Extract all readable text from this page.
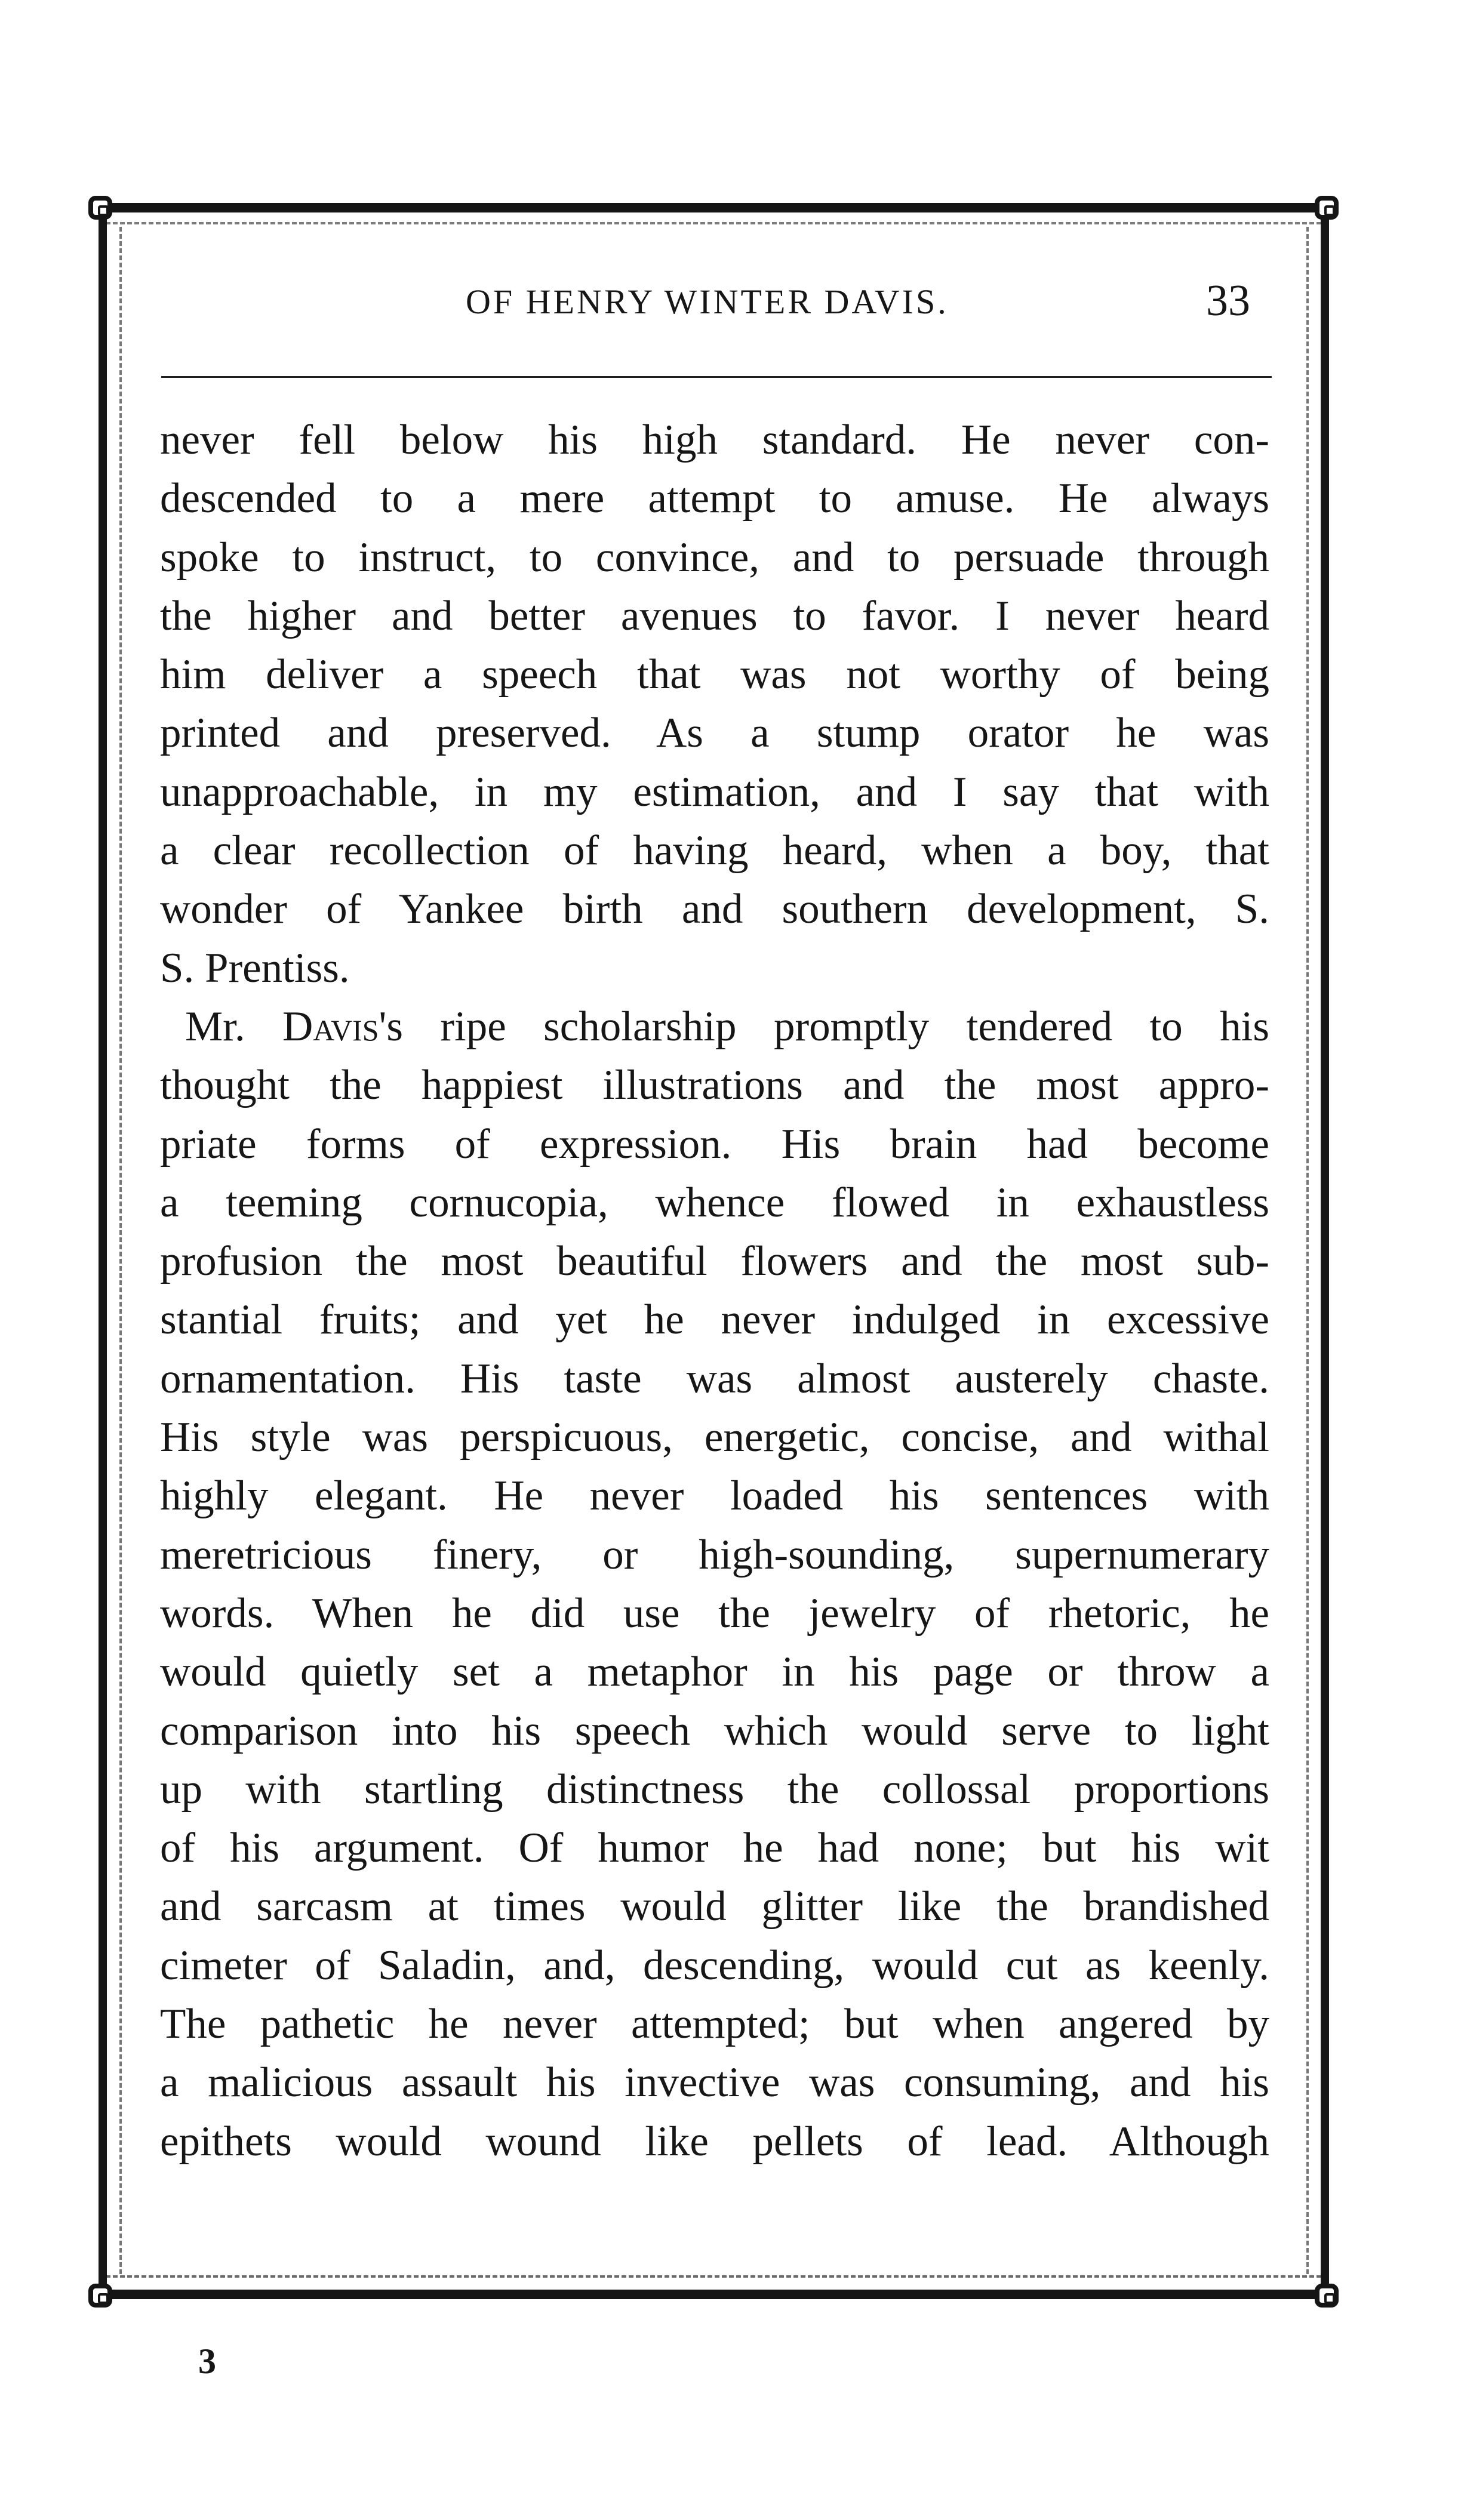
OF HENRY WINTER DAVIS.	33
never fell below his high standard. He never con-
descended to a mere attempt to amuse. He always
spoke to instruct, to convince, and to persuade through
the higher and better avenues to favor. I never heard
him deliver a speech that was not worthy of being
printed and preserved. As a stump orator he was
unapproachable, in my estimation, and I say that with
a clear recollection of having heard, when a boy, that
wonder of Yankee birth and southern development, S.
S. Prentiss.
Mr. Davis's ripe scholarship promptly tendered to his
thought the happiest illustrations and the most appro-
priate forms of expression. His brain had become
a teeming cornucopia, whence flowed in exhaustless
profusion the most beautiful flowers and the most sub-
stantial fruits; and yet he never indulged in excessive
ornamentation. His taste was almost austerely chaste.
His style was perspicuous, energetic, concise, and withal
highly elegant. He never loaded his sentences with
meretricious finery, or high-sounding, supernumerary
words. When he did use the jewelry of rhetoric, he
would quietly set a metaphor in his page or throw a
comparison into his speech which would serve to light
up with startling distinctness the collossal proportions
of his argument. Of humor he had none; but his wit
and sarcasm at times would glitter like the brandished
cimeter of Saladin, and, descending, would cut as keenly.
The pathetic he never attempted; but when angered by
a malicious assault his invective was consuming, and his
epithets would wound like pellets of lead. Although
3
